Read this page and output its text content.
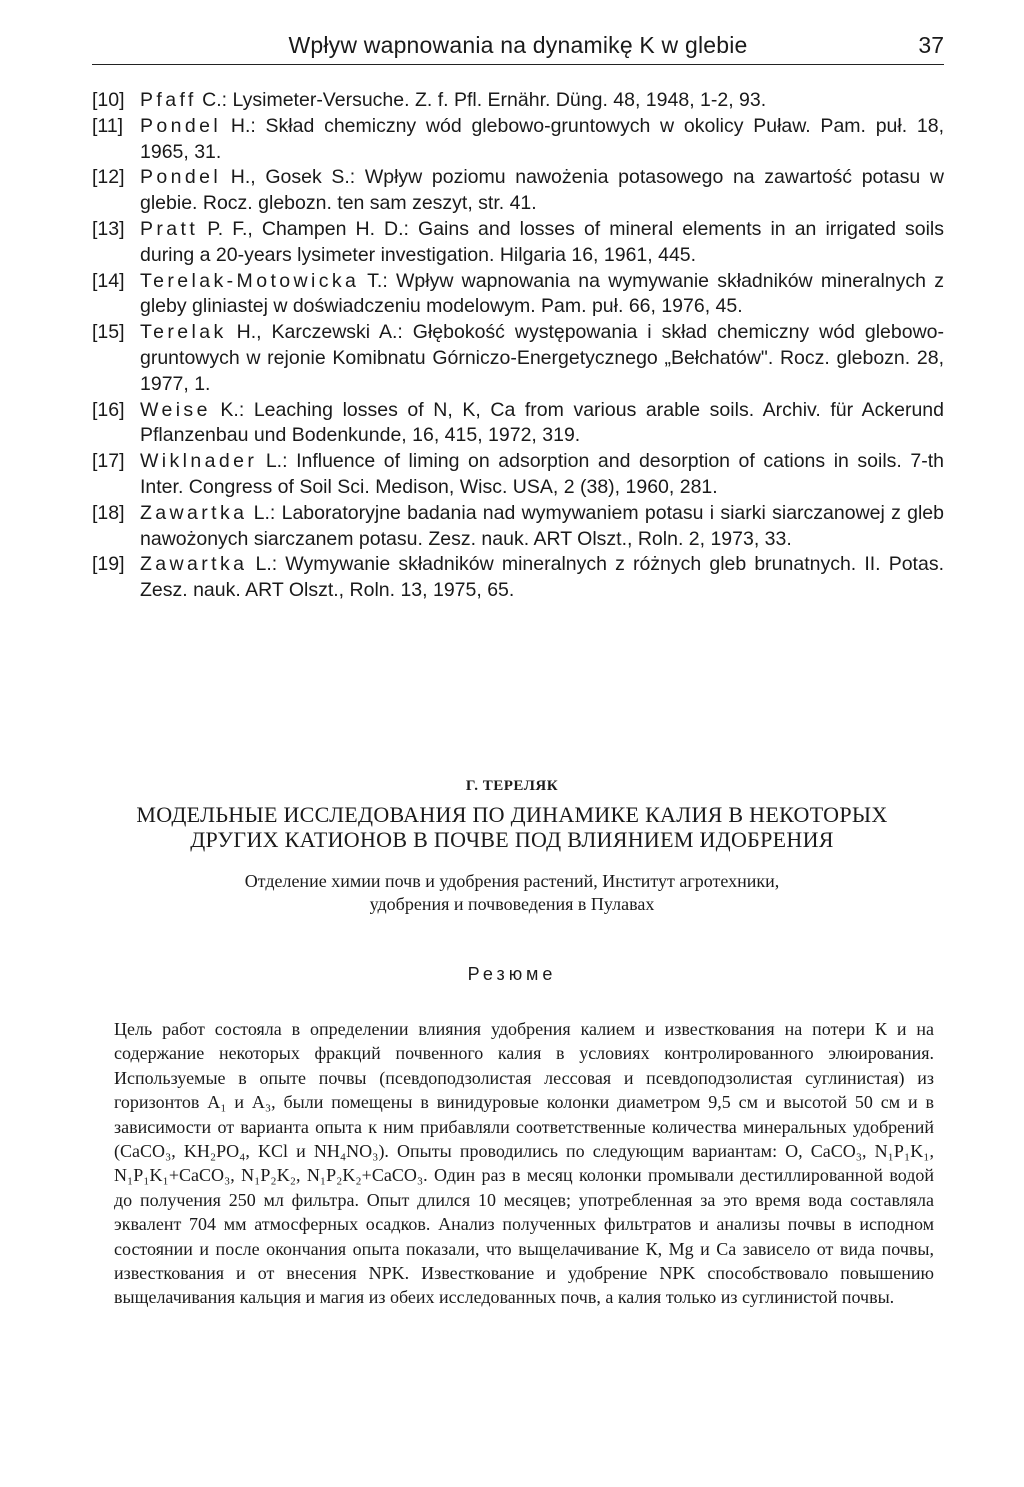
Wpływ wapnowania na dynamikę K w glebie	37
[10] Pfaff C.: Lysimeter-Versuche. Z. f. Pfl. Ernähr. Düng. 48, 1948, 1-2, 93.
[11] Pondel H.: Skład chemiczny wód glebowo-gruntowych w okolicy Puław. Pam. puł. 18, 1965, 31.
[12] Pondel H., Gosek S.: Wpływ poziomu nawożenia potasowego na zawartość potasu w glebie. Rocz. glebozn. ten sam zeszyt, str. 41.
[13] Pratt P. F., Champen H. D.: Gains and losses of mineral elements in an irrigated soils during a 20-years lysimeter investigation. Hilgaria 16, 1961, 445.
[14] Terelak-Motowicka T.: Wpływ wapnowania na wymywanie składników mineralnych z gleby gliniastej w doświadczeniu modelowym. Pam. puł. 66, 1976, 45.
[15] Terelak H., Karczewski A.: Głębokość występowania i skład chemiczny wód glebowo-gruntowych w rejonie Komibnatu Górniczo-Energetycznego „Bełchatów". Rocz. glebozn. 28, 1977, 1.
[16] Weise K.: Leaching losses of N, K, Ca from various arable soils. Archiv. für Ackerund Pflanzenbau und Bodenkunde, 16, 415, 1972, 319.
[17] Wiklnader L.: Influence of liming on adsorption and desorption of cations in soils. 7-th Inter. Congress of Soil Sci. Medison, Wisc. USA, 2 (38), 1960, 281.
[18] Zawartka L.: Laboratoryjne badania nad wymywaniem potasu i siarki siarczanowej z gleb nawożonych siarczanem potasu. Zesz. nauk. ART Olszt., Roln. 2, 1973, 33.
[19] Zawartka L.: Wymywanie składników mineralnych z różnych gleb brunatnych. II. Potas. Zesz. nauk. ART Olszt., Roln. 13, 1975, 65.
Г. ТЕРЕЛЯК
МОДЕЛЬНЫЕ ИССЛЕДОВАНИЯ ПО ДИНАМИКЕ КАЛИЯ В НЕКОТОРЫХ
ДРУГИХ КАТИОНОВ В ПОЧВЕ ПОД ВЛИЯНИЕМ ИДОБРЕНИЯ
Отделение химии почв и удобрения растений, Институт агротехники,
удобрения и почвоведения в Пулавах
Резюме

Цель работ состояла в определении влияния удобрения калием и известкования на потери К и на содержание некоторых фракций почвенного калия в условиях контролированного элюирования. Используемые в опыте почвы (псевдоподзолистая лессовая и псевдоподзолистая суглинистая) из горизонтов A₁ и A₃, были помещены в винидуровые колонки диаметром 9,5 см и высотой 50 см и в зависимости от варианта опыта к ним прибавляли соответственные количества минеральных удобрений (CaCO₃, KH₂PO₄, KCl и NH₄NO₃). Опыты проводились по следующим вариантам: O, CaCO₃, N₁P₁K₁, N₁P₁K₁+CaCO₃, N₁P₂K₂, N₁P₂K₂+CaCO₃. Один раз в месяц колонки промывали дестиллированной водой до получения 250 мл фильтра. Опыт длился 10 месяцев; употребленная за это время вода составляла эквалент 704 мм атмосферных осадков. Анализ полученных фильтратов и анализы почвы в исподном состоянии и после окончания опыта показали, что выщелачивание К, Mg и Ca зависело от вида почвы, известкования и от внесения NPK. Известкование и удобрение NPK способствовало повышению выщелачивания кальция и магия из обеих исследованных почв, а калия только из суглинистой почвы.
